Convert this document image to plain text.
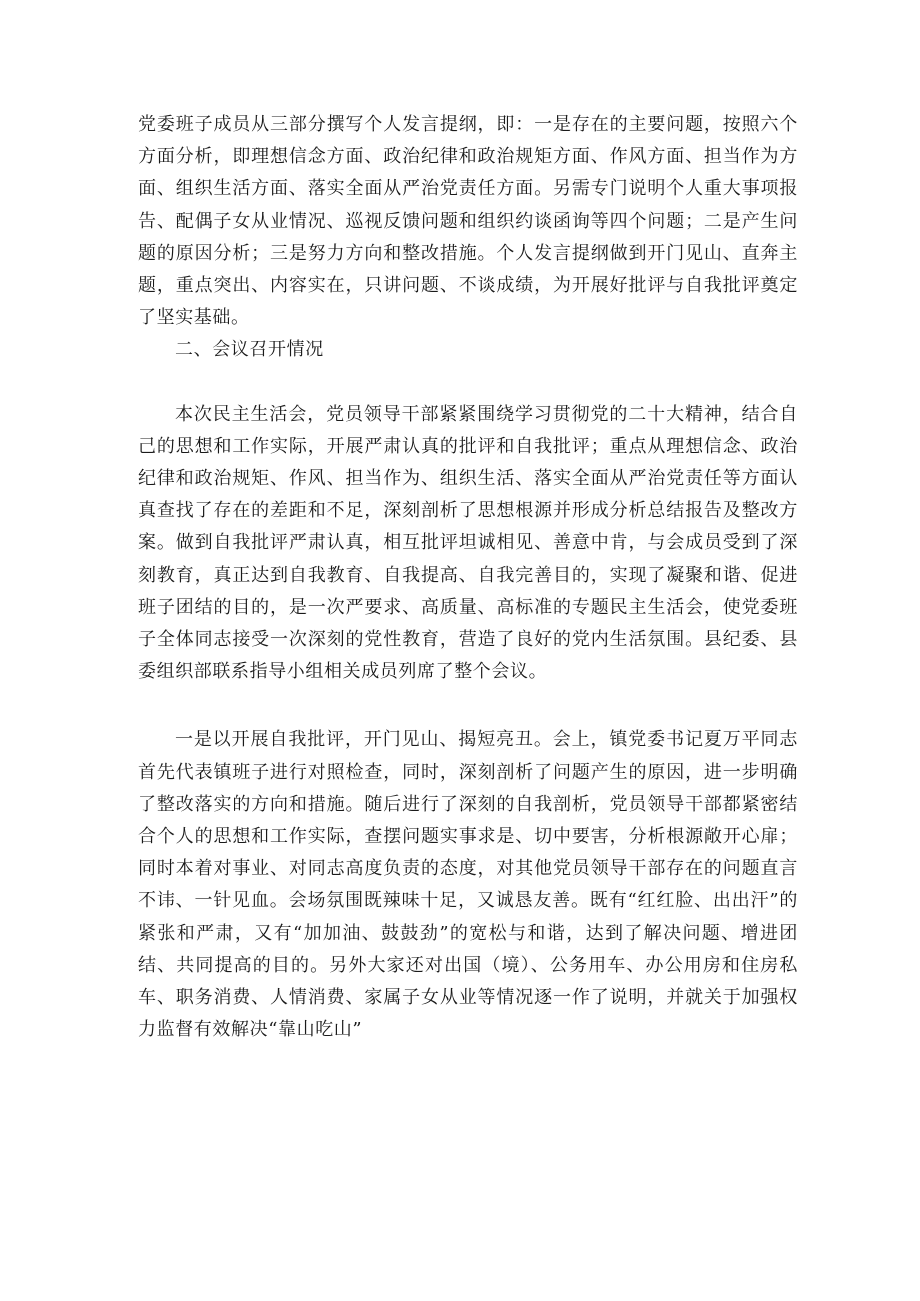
党委班子成员从三部分撰写个人发言提纲，即：一是存在的主要问题，按照六个方面分析，即理想信念方面、政治纪律和政治规矩方面、作风方面、担当作为方面、组织生活方面、落实全面从严治党责任方面。另需专门说明个人重大事项报告、配偶子女从业情况、巡视反馈问题和组织约谈函询等四个问题；二是产生问题的原因分析；三是努力方向和整改措施。个人发言提纲做到开门见山、直奔主题，重点突出、内容实在，只讲问题、不谈成绩，为开展好批评与自我批评奠定了坚实基础。

二、会议召开情况

本次民主生活会，党员领导干部紧紧围绕学习贯彻党的二十大精神，结合自己的思想和工作实际，开展严肃认真的批评和自我批评；重点从理想信念、政治纪律和政治规矩、作风、担当作为、组织生活、落实全面从严治党责任等方面认真查找了存在的差距和不足，深刻剖析了思想根源并形成分析总结报告及整改方案。做到自我批评严肃认真，相互批评坦诚相见、善意中肯，与会成员受到了深刻教育，真正达到自我教育、自我提高、自我完善目的，实现了凝聚和谐、促进班子团结的目的，是一次严要求、高质量、高标准的专题民主生活会，使党委班子全体同志接受一次深刻的党性教育，营造了良好的党内生活氛围。县纪委、县委组织部联系指导小组相关成员列席了整个会议。

一是以开展自我批评，开门见山、揭短亮丑。会上，镇党委书记夏万平同志首先代表镇班子进行对照检查，同时，深刻剖析了问题产生的原因，进一步明确了整改落实的方向和措施。随后进行了深刻的自我剖析，党员领导干部都紧密结合个人的思想和工作实际，查摆问题实事求是、切中要害，分析根源敞开心扉；同时本着对事业、对同志高度负责的态度，对其他党员领导干部存在的问题直言不讳、一针见血。会场氛围既辣味十足，又诚恳友善。既有“红红脸、出出汗”的紧张和严肃，又有“加加油、鼓鼓劲”的宽松与和谐，达到了解决问题、增进团结、共同提高的目的。另外大家还对出国（境）、公务用车、办公用房和住房私车、职务消费、人情消费、家属子女从业等情况逐一作了说明，并就关于加强权力监督有效解决“靠山吃山”
